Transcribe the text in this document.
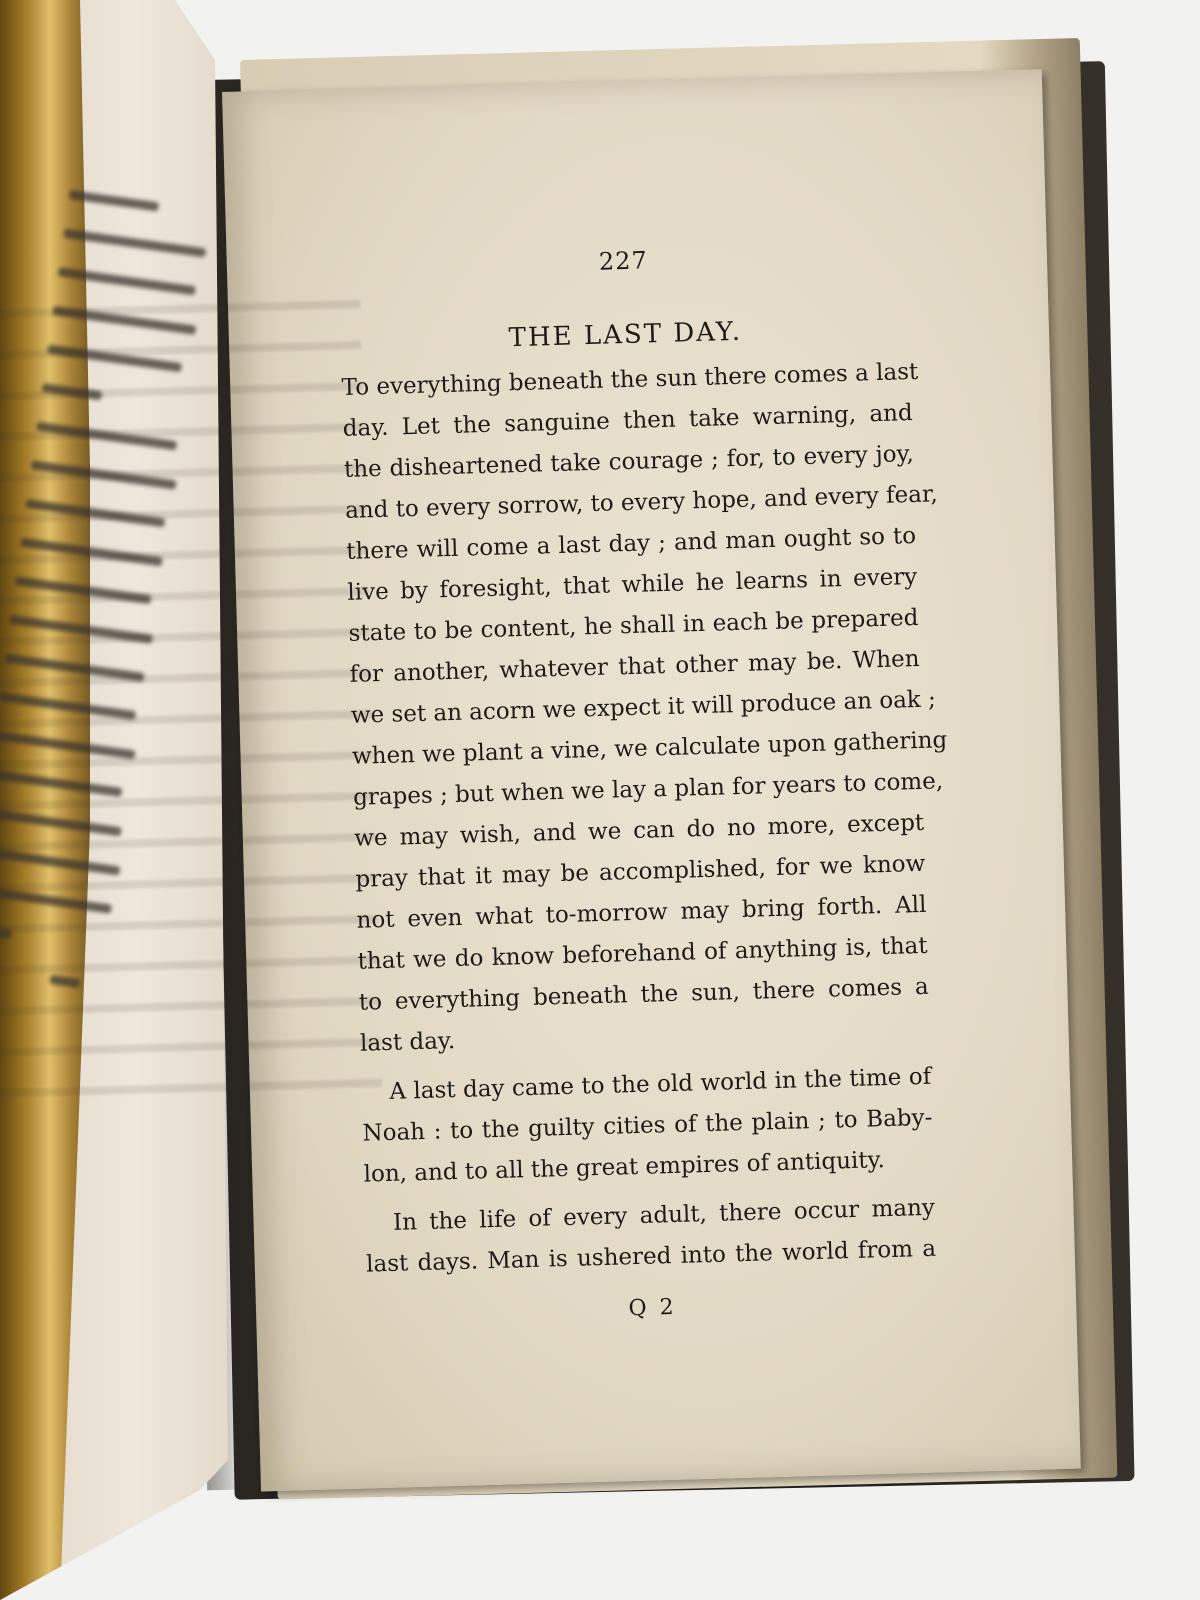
227
THE LAST DAY.
To everything beneath the sun there comes a last
day. Let the sanguine then take warning, and
the disheartened take courage ; for, to every joy,
and to every sorrow, to every hope, and every fear,
there will come a last day ; and man ought so to
live by foresight, that while he learns in every
state to be content, he shall in each be prepared
for another, whatever that other may be. When
we set an acorn we expect it will produce an oak ;
when we plant a vine, we calculate upon gathering
grapes ; but when we lay a plan for years to come,
we may wish, and we can do no more, except
pray that it may be accomplished, for we know
not even what to-morrow may bring forth. All
that we do know beforehand of anything is, that
to everything beneath the sun, there comes a
last day.
A last day came to the old world in the time of
Noah : to the guilty cities of the plain ; to Baby-
lon, and to all the great empires of antiquity.
In the life of every adult, there occur many
last days. Man is ushered into the world from a
Q 2
